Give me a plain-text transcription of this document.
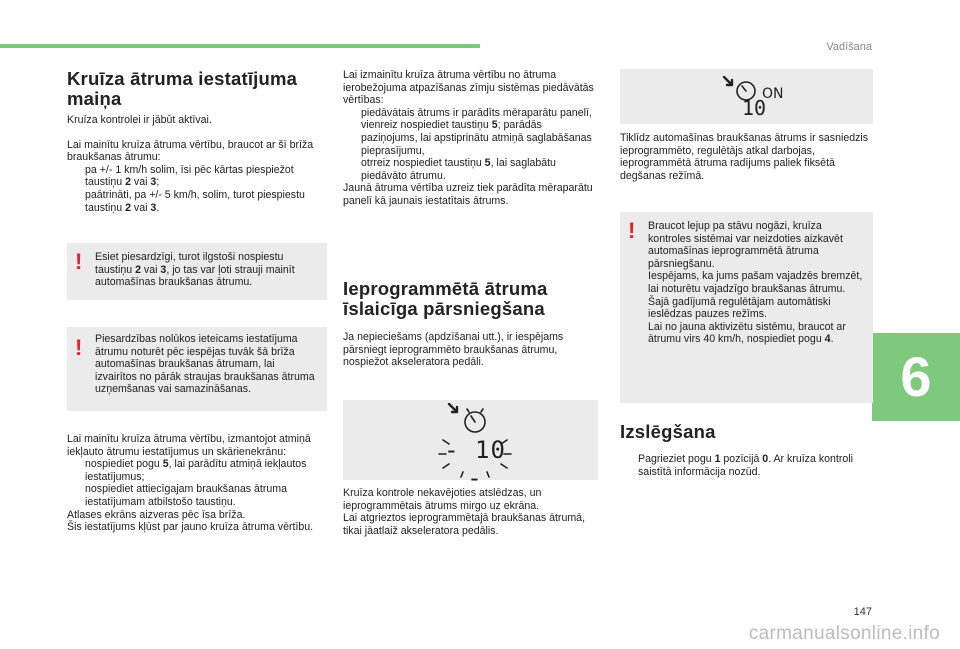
Vadīšana
6
147
carmanualsonline.info
Kruīza ātruma iestatījuma maiņa

Kruīza kontrolei ir jābūt aktīvai.

Lai mainītu kruīza ātruma vērtību, braucot ar šī brīža braukšanas ātrumu:

pa +/- 1 km/h solim, īsi pēc kārtas piespiežot taustiņu 2 vai 3;
paātrināti, pa +/- 5 km/h, solim, turot piespiestu taustiņu 2 vai 3.
! Esiet piesardzīgi, turot ilgstoši nospiestu taustiņu 2 vai 3, jo tas var ļoti strauji mainīt automašīnas braukšanas ātrumu.
! Piesardzības nolūkos ieteicams iestatījuma ātrumu noturēt pēc iespējas tuvāk šā brīža automašīnas braukšanas ātrumam, lai izvairītos no pārāk straujas braukšanas ātruma uzņemšanas vai samazināšanas.

Lai mainītu kruīza ātruma vērtību, izmantojot atmiņā iekļauto ātrumu iestatījumus un skārienekrānu:

nospiediet pogu 5, lai parādītu atmiņā iekļautos iestatījumus;
nospiediet attiecīgajam braukšanas ātruma iestatījumam atbilstošo taustiņu.

Atlases ekrāns aizveras pēc īsa brīža.

Šis iestatījums kļūst par jauno kruīza ātruma vērtību.

Lai izmainītu kruīza ātruma vērtību no ātruma ierobežojuma atpazīšanas zīmju sistēmas piedāvātās vērtības:

piedāvātais ātrums ir parādīts mēraparātu panelī,
vienreiz nospiediet taustiņu 5; parādās paziņojums, lai apstiprinātu atmiņā saglabāšanas pieprasījumu,
otrreiz nospiediet taustiņu 5, lai saglabātu piedāvāto ātrumu.

Jaunā ātruma vērtība uzreiz tiek parādīta mēraparātu panelī kā jaunais iestatītais ātrums.

Ieprogrammētā ātruma īslaicīga pārsniegšana
Ja nepieciešams (apdzīšanai utt.), ir iespējams pārsniegt ieprogrammēto braukšanas ātrumu, nospiežot akseleratora pedāli.
- 10 -

Kruīza kontrole nekavējoties atslēdzas, un ieprogrammētais ātrums mirgo uz ekrāna.

Lai atgrieztos ieprogrammētajā braukšanas ātrumā, tikai jāatlaiž akseleratora pedālis.

10
ON
Tiklīdz automašīnas braukšanas ātrums ir sasniedzis ieprogrammēto, regulētājs atkal darbojas, ieprogrammētā ātruma radījums paliek fiksētā degšanas režīmā.
! Braucot lejup pa stāvu nogāzi, kruīza kontroles sistēmai var neizdoties aizkavēt automašīnas ieprogrammētā ātruma pārsniegšanu.

Iespējams, ka jums pašam vajadzēs bremzēt, lai noturētu vajadzīgo braukšanas ātrumu. Šajā gadījumā regulētājam automātiski ieslēdzas pauzes režīms.

Lai no jauna aktivizētu sistēmu, braucot ar ātrumu virs 40 km/h, nospiediet pogu 4.

Izslēgšana
Pagrieziet pogu 1 pozīcijā 0. Ar kruīza kontroli saistītā informācija nozūd.
